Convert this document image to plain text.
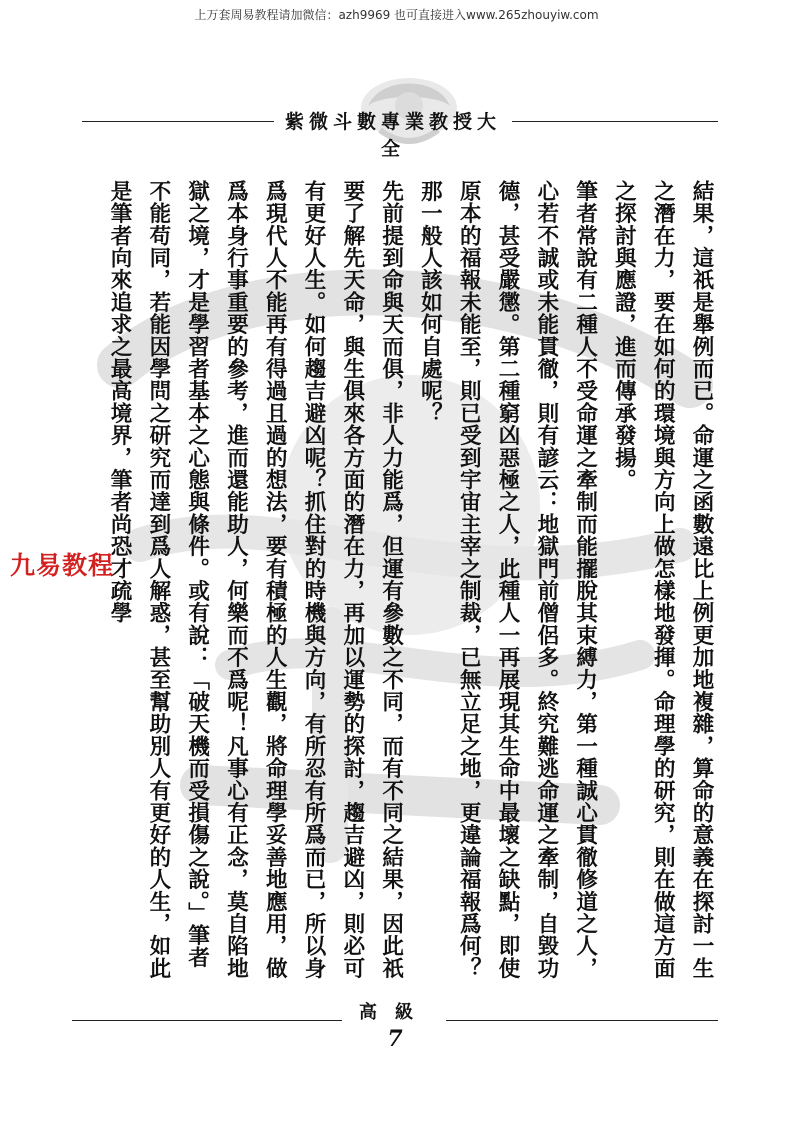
上万套周易教程请加微信：azh9969 也可直接进入www.265zhouyiw.com
紫微斗數專業教授大全

結果，這祇是舉例而已。命運之函數遠比上例更加地複雜，算命的意義在探討一生之潛在力，要在如何的環境與方向上做怎樣地發揮。命理學的研究，則在做這方面之探討與應證，進而傳承發揚。

筆者常說有二種人不受命運之牽制而能擺脫其束縛力，第一種誠心貫徹修道之人，心若不誠或未能貫徹，則有諺云：地獄門前僧侶多。終究難逃命運之牽制，自毀功德，甚受嚴懲。第二種窮凶惡極之人，此種人一再展現其生命中最壞之缺點，即使原本的福報未能至，則已受到宇宙主宰之制裁，已無立足之地，更違論福報爲何？

那一般人該如何自處呢？

先前提到命與天而俱，非人力能爲，但運有參數之不同，而有不同之結果，因此祇要了解先天命，與生俱來各方面的潛在力，再加以運勢的探討，趨吉避凶，則必可有更好人生。如何趨吉避凶呢？抓住對的時機與方向，有所忍有所爲而已，所以身爲現代人不能再有得過且過的想法，要有積極的人生觀，將命理學妥善地應用，做爲本身行事重要的參考，進而還能助人，何樂而不爲呢！凡事心有正念，莫自陷地獄之境，才是學習者基本之心態與條件。或有說：「破天機而受損傷之說。」筆者不能苟同，若能因學問之研究而達到爲人解惑，甚至幫助別人有更好的人生，如此是筆者向來追求之最高境界，筆者尚恐才疏學

九易教程
高級
7
